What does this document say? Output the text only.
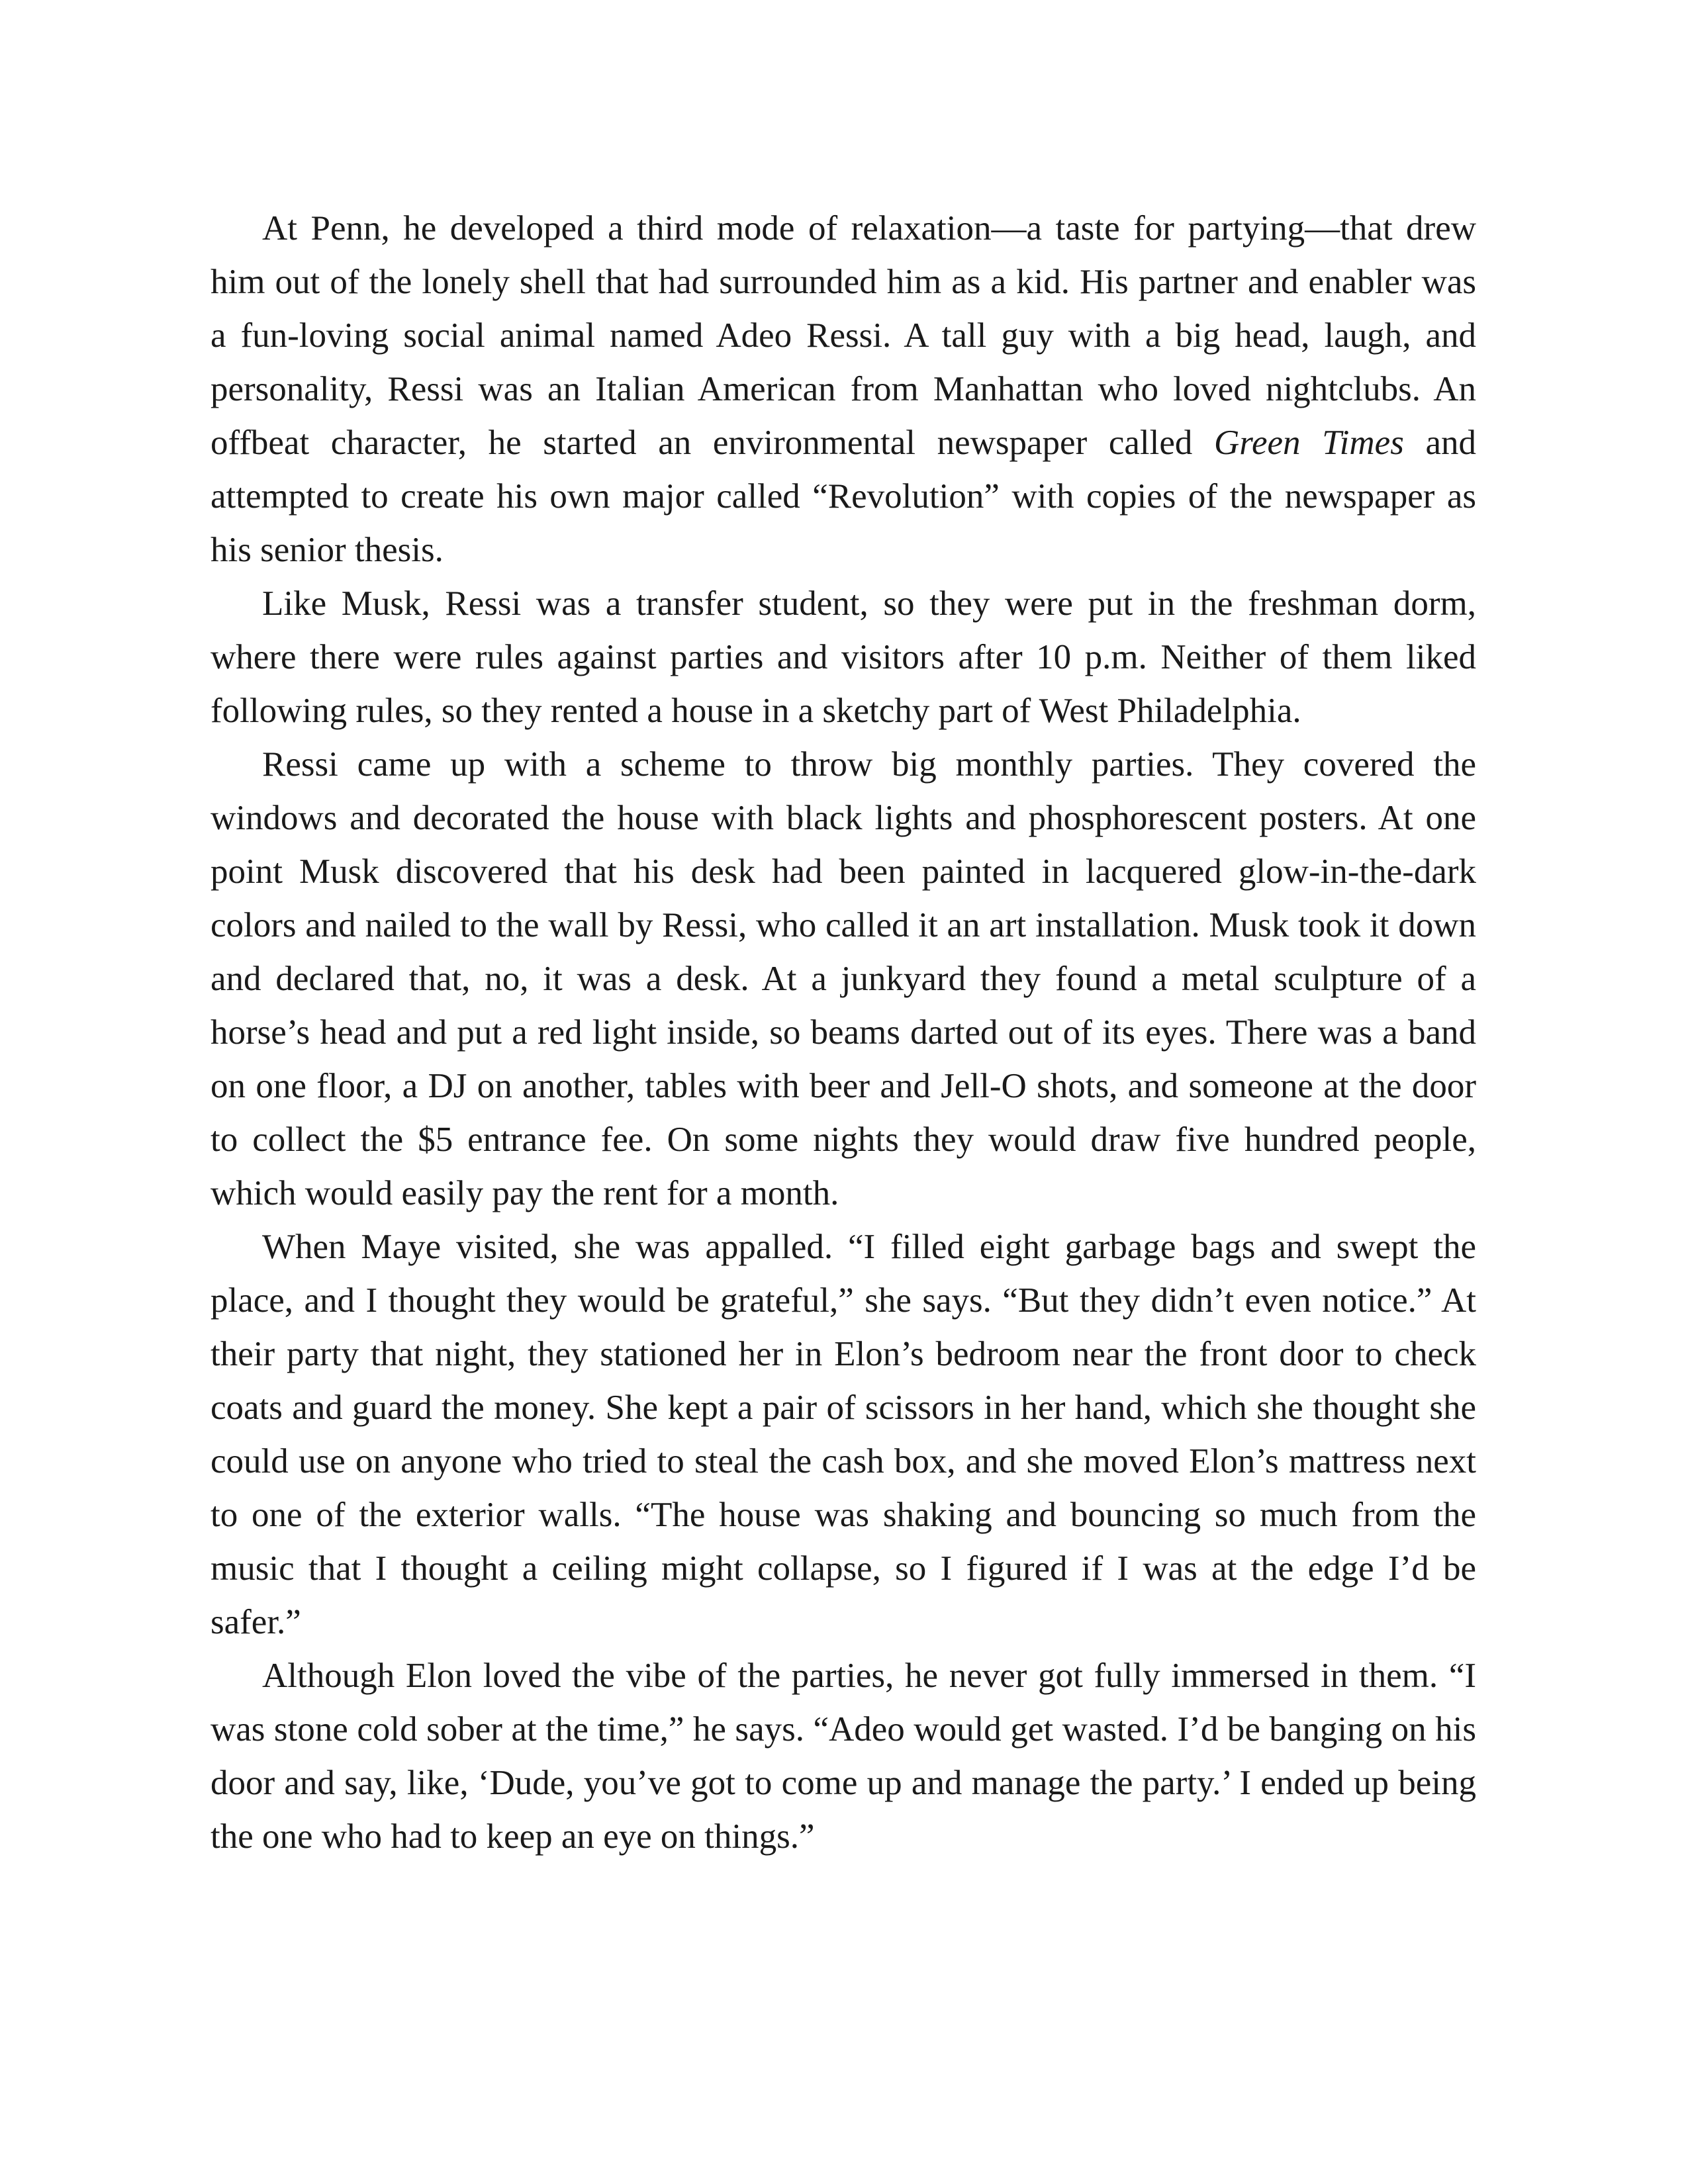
At Penn, he developed a third mode of relaxation—a taste for partying—that drew him out of the lonely shell that had surrounded him as a kid. His partner and enabler was a fun-loving social animal named Adeo Ressi. A tall guy with a big head, laugh, and personality, Ressi was an Italian American from Manhattan who loved nightclubs. An offbeat character, he started an environmental newspaper called Green Times and attempted to create his own major called “Revolution” with copies of the newspaper as his senior thesis.

Like Musk, Ressi was a transfer student, so they were put in the freshman dorm, where there were rules against parties and visitors after 10 p.m. Neither of them liked following rules, so they rented a house in a sketchy part of West Philadelphia.

Ressi came up with a scheme to throw big monthly parties. They covered the windows and decorated the house with black lights and phosphorescent posters. At one point Musk discovered that his desk had been painted in lacquered glow-in-the-dark colors and nailed to the wall by Ressi, who called it an art installation. Musk took it down and declared that, no, it was a desk. At a junkyard they found a metal sculpture of a horse’s head and put a red light inside, so beams darted out of its eyes. There was a band on one floor, a DJ on another, tables with beer and Jell-O shots, and someone at the door to collect the $5 entrance fee. On some nights they would draw five hundred people, which would easily pay the rent for a month.

When Maye visited, she was appalled. “I filled eight garbage bags and swept the place, and I thought they would be grateful,” she says. “But they didn’t even notice.” At their party that night, they stationed her in Elon’s bedroom near the front door to check coats and guard the money. She kept a pair of scissors in her hand, which she thought she could use on anyone who tried to steal the cash box, and she moved Elon’s mattress next to one of the exterior walls. “The house was shaking and bouncing so much from the music that I thought a ceiling might collapse, so I figured if I was at the edge I’d be safer.”

Although Elon loved the vibe of the parties, he never got fully immersed in them. “I was stone cold sober at the time,” he says. “Adeo would get wasted. I’d be banging on his door and say, like, ‘Dude, you’ve got to come up and manage the party.’ I ended up being the one who had to keep an eye on things.”
